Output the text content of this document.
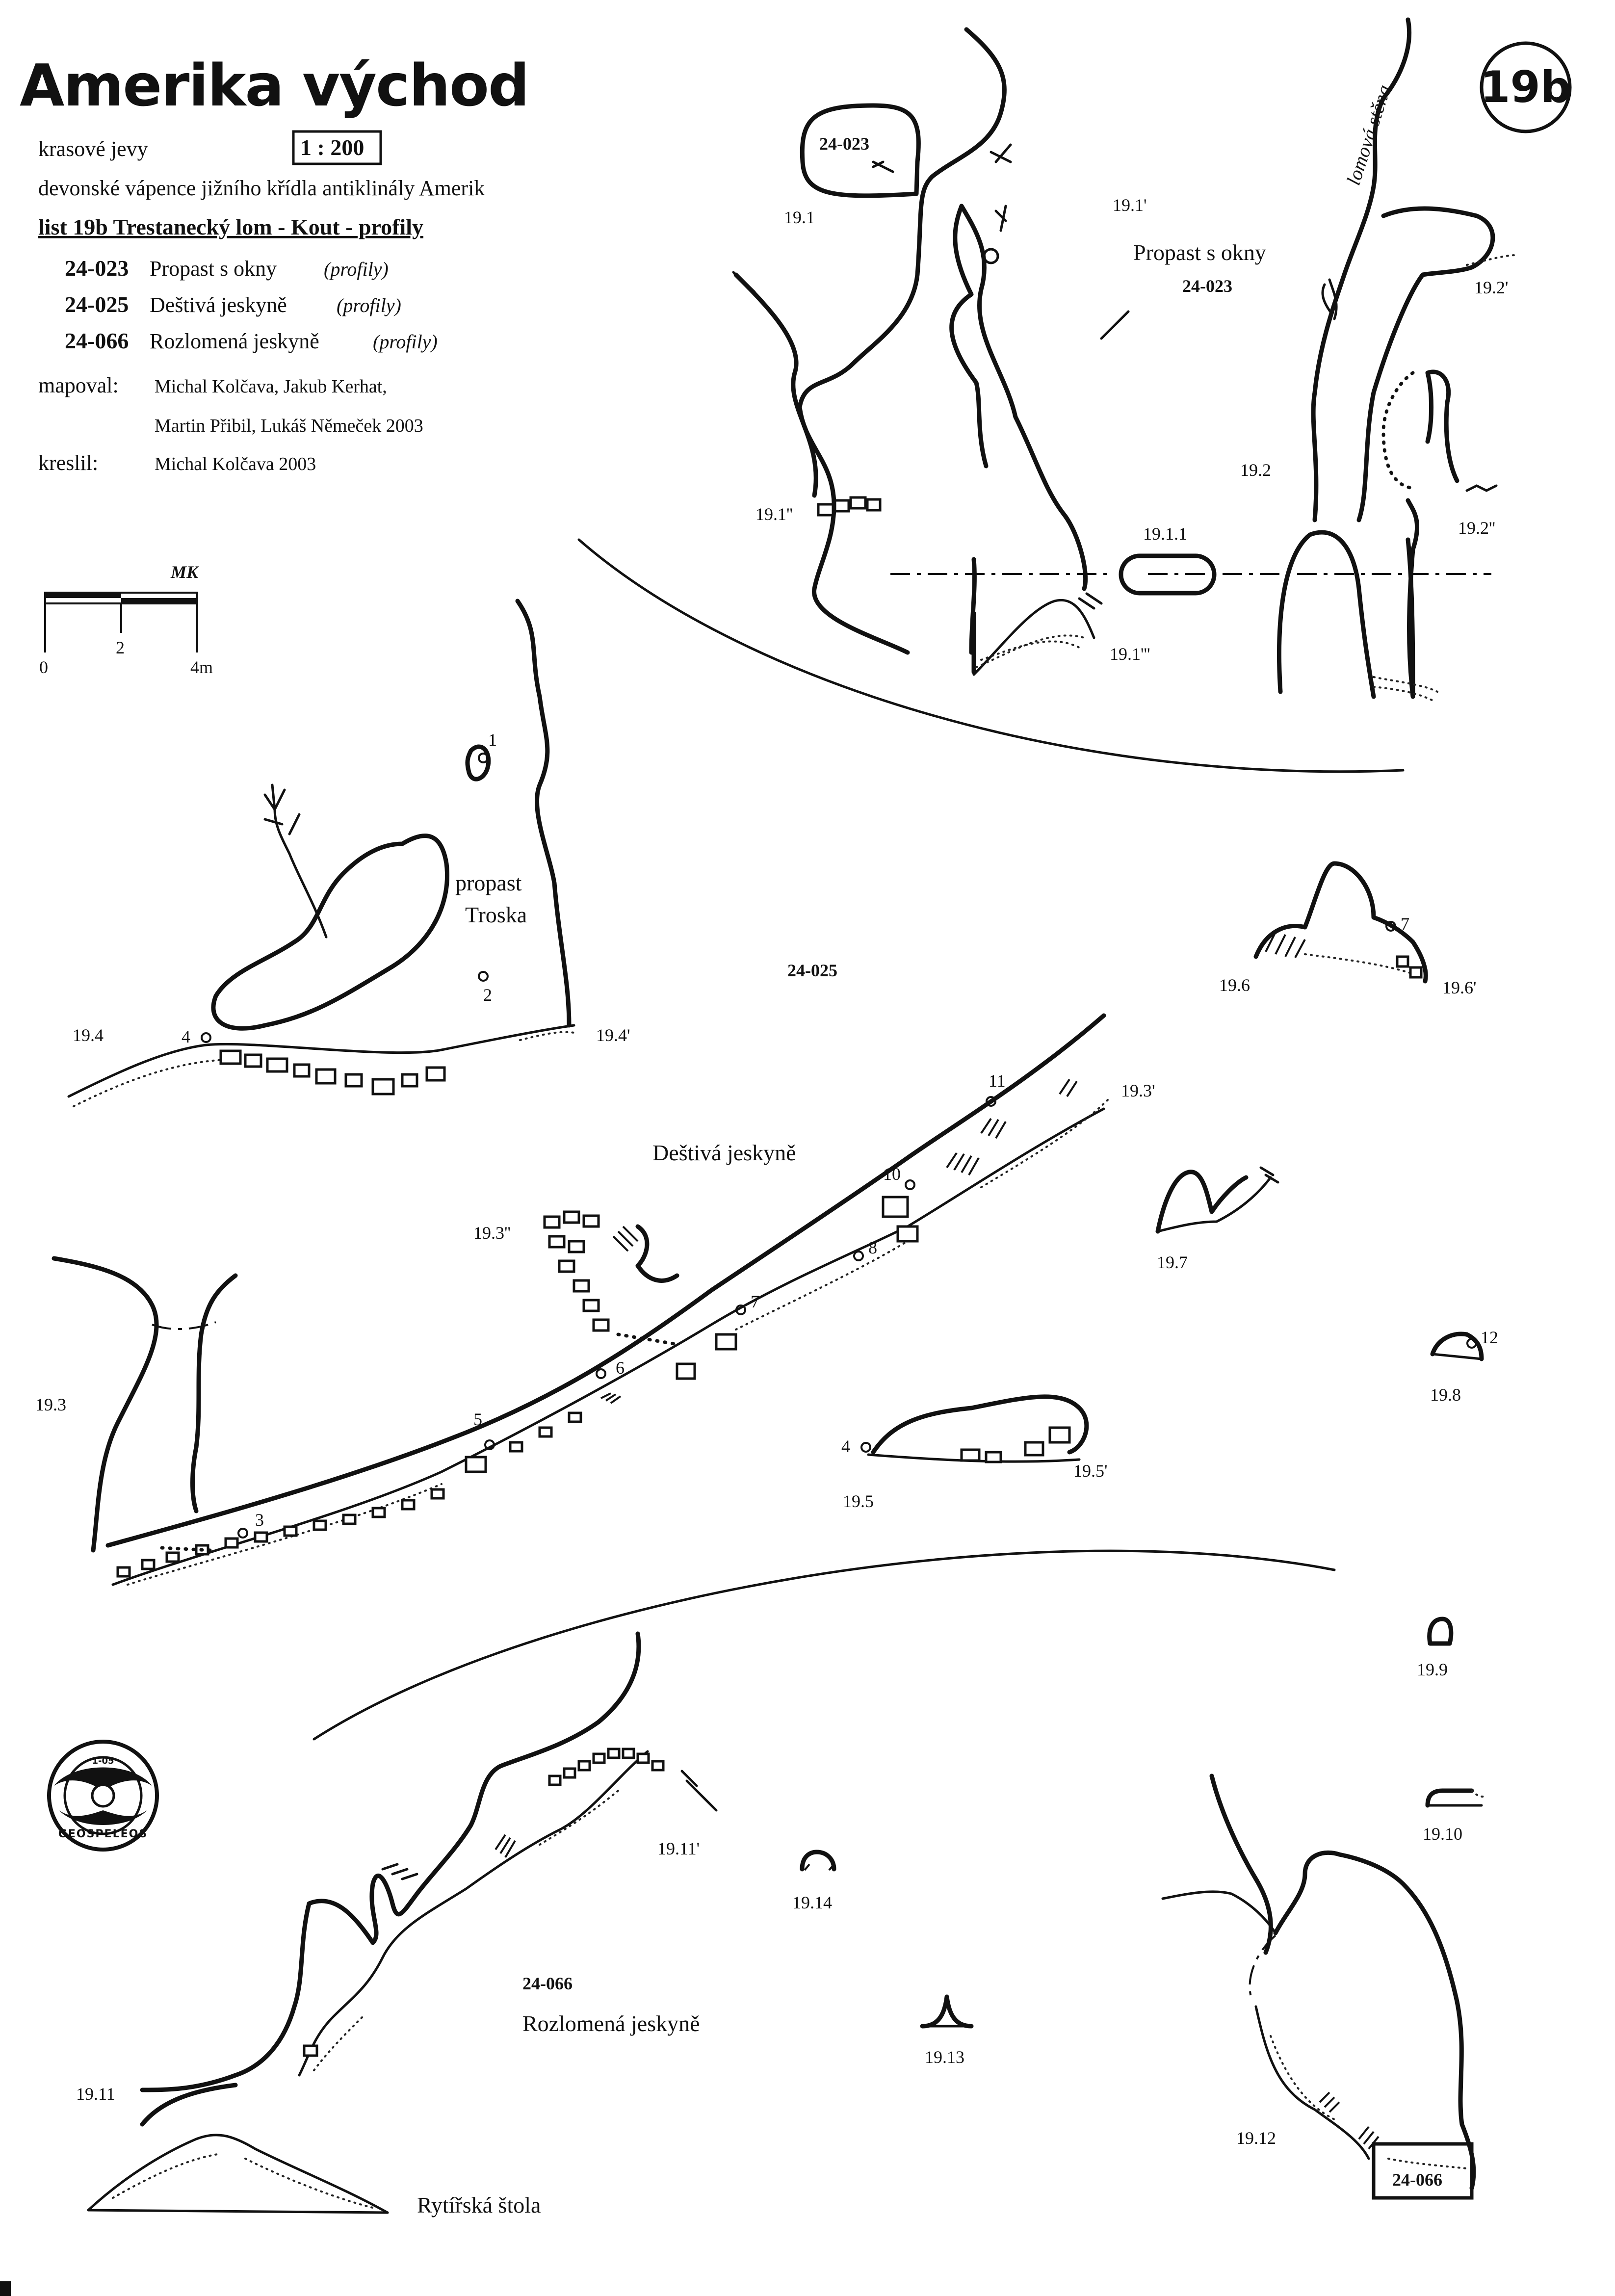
Amerika východ
krasové jevy	1 : 200
devonské vápence jižního křídla antiklinály Amerik
list 19b Trestanecký lom - Kout - profily
24-023 Propast s okny (profily)
24-025 Deštivá jeskyně	(profily)
24-066 Rozlomená jeskyně	(profily)
mapoval: Michal Kolčava, Jakub Kerhat,
Martin Přibil, Lukáš Němeček 2003
kreslil:	Michal Kolčava 2003
19b
MK
0
2
4m
24-023
19.1
19.1'
19.1''
19.1'''
19.1.1
19.2
19.2'
19.2''
Propast s okny
24-023
lomová stěna
1
2
3
4
5
6
7
8
10
11
4
7
12
propast
Troska
24-025
Deštivá jeskyně
19.4	19.4'
19.3'
19.3''
19.3
19.5
19.5'
19.6	19.6'
19.7
19.8
19.9
1-05
GEOSPELEOS
24-066
19.10
19.11
19.11'
19.12
19.13
19.14
24-066
Rozlomená jeskyně
Rytířská štola
